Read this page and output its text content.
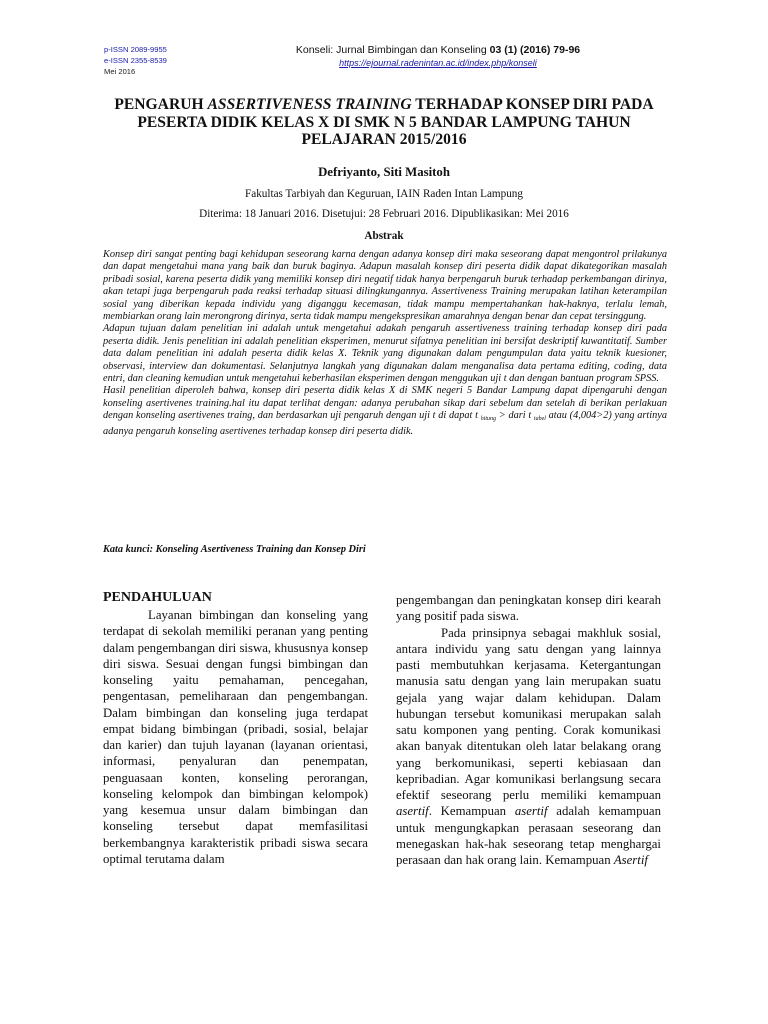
p-ISSN 2089-9955
e-ISSN 2355-8539
Mei 2016
Konseli: Jurnal Bimbingan dan Konseling 03 (1) (2016) 79-96
https://ejournal.radenintan.ac.id/index.php/konseli
PENGARUH ASSERTIVENESS TRAINING TERHADAP KONSEP DIRI PADA PESERTA DIDIK KELAS X DI SMK N 5 BANDAR LAMPUNG TAHUN PELAJARAN 2015/2016
Defriyanto, Siti Masitoh
Fakultas Tarbiyah dan Keguruan, IAIN Raden Intan Lampung
Diterima: 18 Januari 2016. Disetujui: 28 Februari 2016. Dipublikasikan: Mei 2016
Abstrak

Konsep diri sangat penting bagi kehidupan seseorang karna dengan adanya konsep diri maka seseorang dapat mengontrol prilakunya dan dapat mengetahui mana yang baik dan buruk baginya. Adapun masalah konsep diri peserta didik dapat dikategorikan masalah pribadi sosial, karena peserta didik yang memiliki konsep diri negatif tidak hanya berpengaruh buruk terhadap perkembangan dirinya, akan tetapi juga berpengaruh pada reaksi terhadap situasi dilingkungannya. Assertiveness Training merupakan latihan keterampilan sosial yang diberikan kepada individu yang diganggu kecemasan, tidak mampu mempertahankan hak-haknya, terlalu lemah, membiarkan orang lain merongrong dirinya, serta tidak mampu mengekspresikan amarahnya dengan benar dan cepat tersinggung.

Adapun tujuan dalam penelitian ini adalah untuk mengetahui adakah pengaruh assertiveness training terhadap konsep diri pada peserta didik. Jenis penelitian ini adalah penelitian eksperimen, menurut sifatnya penelitian ini bersifat deskriptif kuwantitatif. Sumber data dalam penelitian ini adalah peserta didik kelas X. Teknik yang digunakan dalam pengumpulan data yaitu teknik kuesioner, observasi, interview dan dokumentasi. Selanjutnya langkah yang digunakan dalam menganalisa data pertama editing, coding, data entri, dan cleaning kemudian untuk mengetahui keberhasilan eksperimen dengan menggukan uji t dan dengan bantuan program SPSS.

Hasil penelitian diperoleh bahwa, konsep diri peserta didik kelas X di SMK negeri 5 Bandar Lampung dapat dipengaruhi dengan konseling asertivenes training.hal itu dapat terlihat dengan: adanya perubahan sikap dari sebelum dan setelah di berikan perlakuan dengan konseling asertivenes traing, dan berdasarkan uji pengaruh dengan uji t di dapat t $_{hitung}$ > dari t $_{tabel}$ atau (4,004>2) yang artinya adanya pengaruh konseling asertivenes terhadap konsep diri peserta didik.

Kata kunci: Konseling Asertiveness Training dan Konsep Diri
PENDAHULUAN

Layanan bimbingan dan konseling yang terdapat di sekolah memiliki peranan yang penting dalam pengembangan diri siswa, khususnya konsep diri siswa. Sesuai dengan fungsi bimbingan dan konseling yaitu pemahaman, pencegahan, pengentasan, pemeliharaan dan pengembangan. Dalam bimbingan dan konseling juga terdapat empat bidang bimbingan (pribadi, sosial, belajar dan karier) dan tujuh layanan (layanan orientasi, informasi, penyaluran dan penempatan, penguasaan konten, konseling perorangan, konseling kelompok dan bimbingan kelompok) yang kesemua unsur dalam bimbingan dan konseling tersebut dapat memfasilitasi berkembangnya karakteristik pribadi siswa secara optimal terutama dalam

pengembangan dan peningkatan konsep diri kearah yang positif pada siswa.

Pada prinsipnya sebagai makhluk sosial, antara individu yang satu dengan yang lainnya pasti membutuhkan kerjasama. Ketergantungan manusia satu dengan yang lain merupakan suatu gejala yang wajar dalam kehidupan. Dalam hubungan tersebut komunikasi merupakan salah satu komponen yang penting. Corak komunikasi akan banyak ditentukan oleh latar belakang orang yang berkomunikasi, seperti kebiasaan dan kepribadian. Agar komunikasi berlangsung secara efektif seseorang perlu memiliki kemampuan asertif. Kemampuan asertif adalah kemampuan untuk mengungkapkan perasaan seseorang dan menegaskan hak-hak seseorang tetap menghargai perasaan dan hak orang lain. Kemampuan Asertif
